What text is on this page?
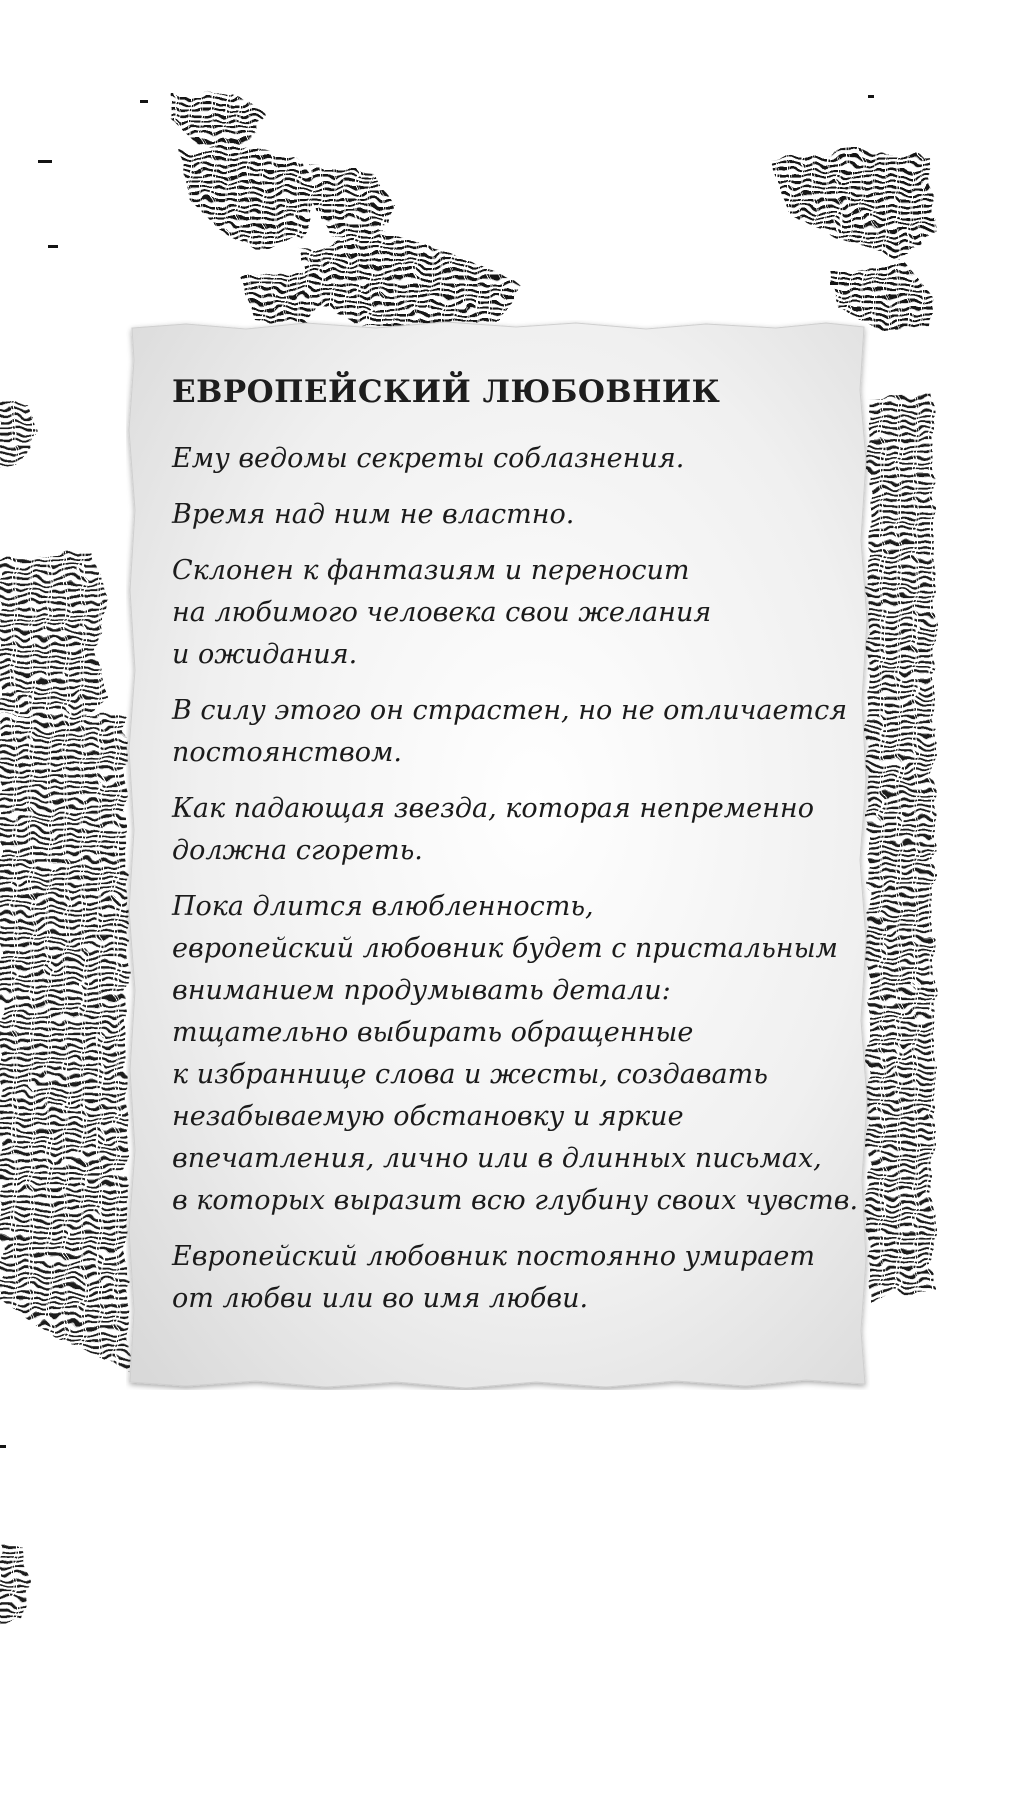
ЕВРОПЕЙСКИЙ ЛЮБОВНИК

Ему ведомы секреты соблазнения.

Время над ним не властно.

Склонен к фантазиям и переносит
на любимого человека свои желания
и ожидания.

В силу этого он страстен, но не отличается
постоянством.

Как падающая звезда, которая непременно
должна сгореть.

Пока длится влюбленность,
европейский любовник будет с пристальным
вниманием продумывать детали:
тщательно выбирать обращенные
к избраннице слова и жесты, создавать
незабываемую обстановку и яркие
впечатления, лично или в длинных письмах,
в которых выразит всю глубину своих чувств.

Европейский любовник постоянно умирает
от любви или во имя любви.
